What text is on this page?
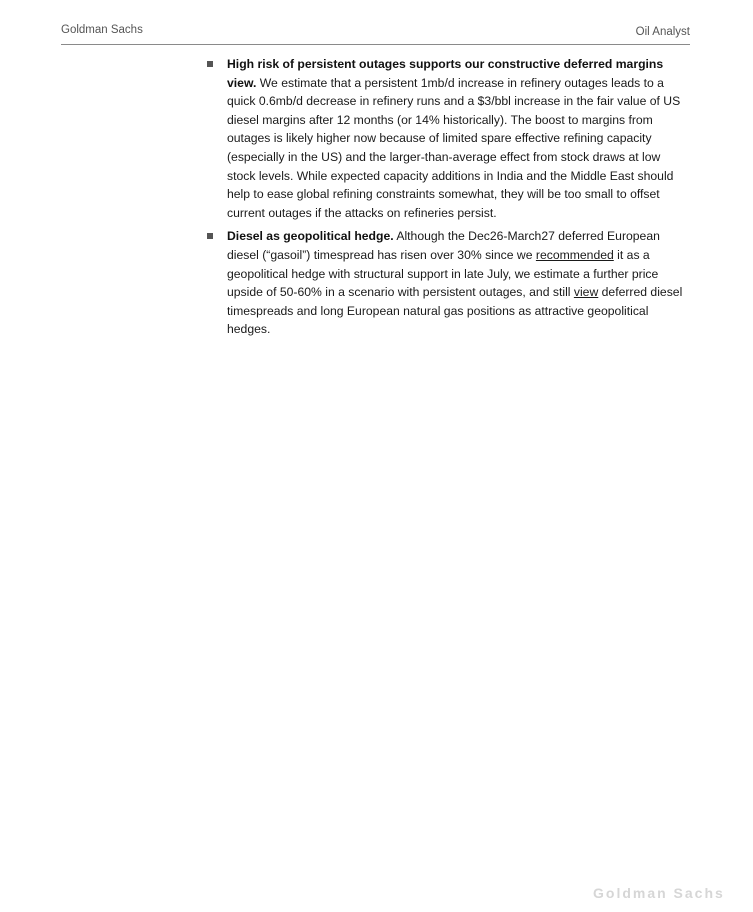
Goldman Sachs	Oil Analyst
High risk of persistent outages supports our constructive deferred margins view. We estimate that a persistent 1mb/d increase in refinery outages leads to a quick 0.6mb/d decrease in refinery runs and a $3/bbl increase in the fair value of US diesel margins after 12 months (or 14% historically). The boost to margins from outages is likely higher now because of limited spare effective refining capacity (especially in the US) and the larger-than-average effect from stock draws at low stock levels. While expected capacity additions in India and the Middle East should help to ease global refining constraints somewhat, they will be too small to offset current outages if the attacks on refineries persist.
Diesel as geopolitical hedge. Although the Dec26-March27 deferred European diesel (“gasoil”) timespread has risen over 30% since we recommended it as a geopolitical hedge with structural support in late July, we estimate a further price upside of 50-60% in a scenario with persistent outages, and still view deferred diesel timespreads and long European natural gas positions as attractive geopolitical hedges.
Goldman Sachs
